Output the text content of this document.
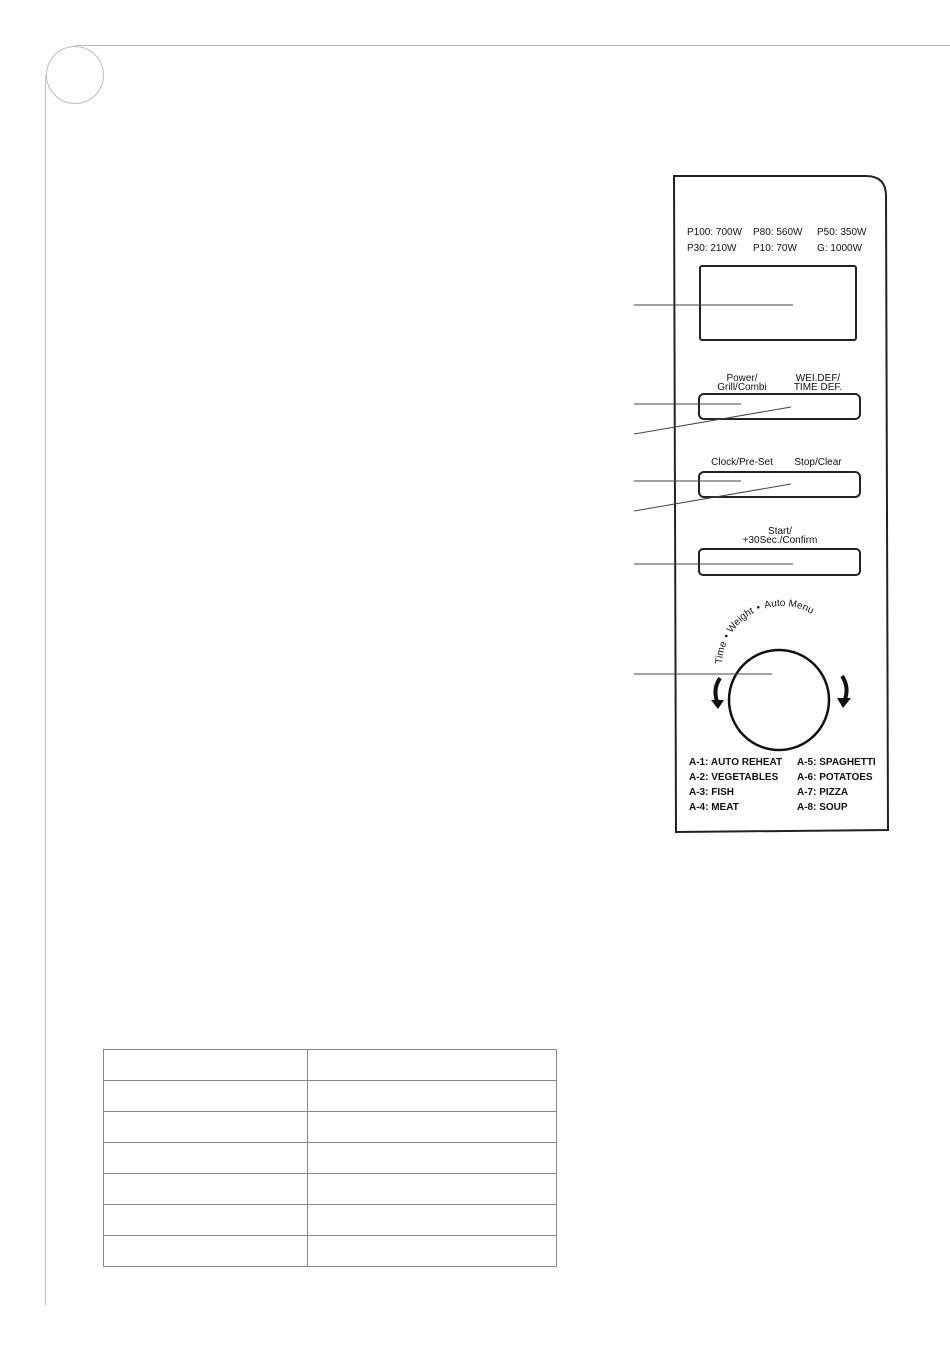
P100: 700W P80: 560W P50: 350W
P30: 210W P10: 70W G: 1000W
Power/
Grill/Combi
WEI.DEF/
TIME DEF.
Clock/Pre-Set Stop/Clear
Start/
+30Sec./Confirm
Time•Weight•Auto Menu
A-1: AUTO REHEAT A-5: SPAGHETTI
A-2: VEGETABLES A-6: POTATOES
A-3: FISH	A-7: PIZZA
A-4: MEAT	A-8: SOUP
